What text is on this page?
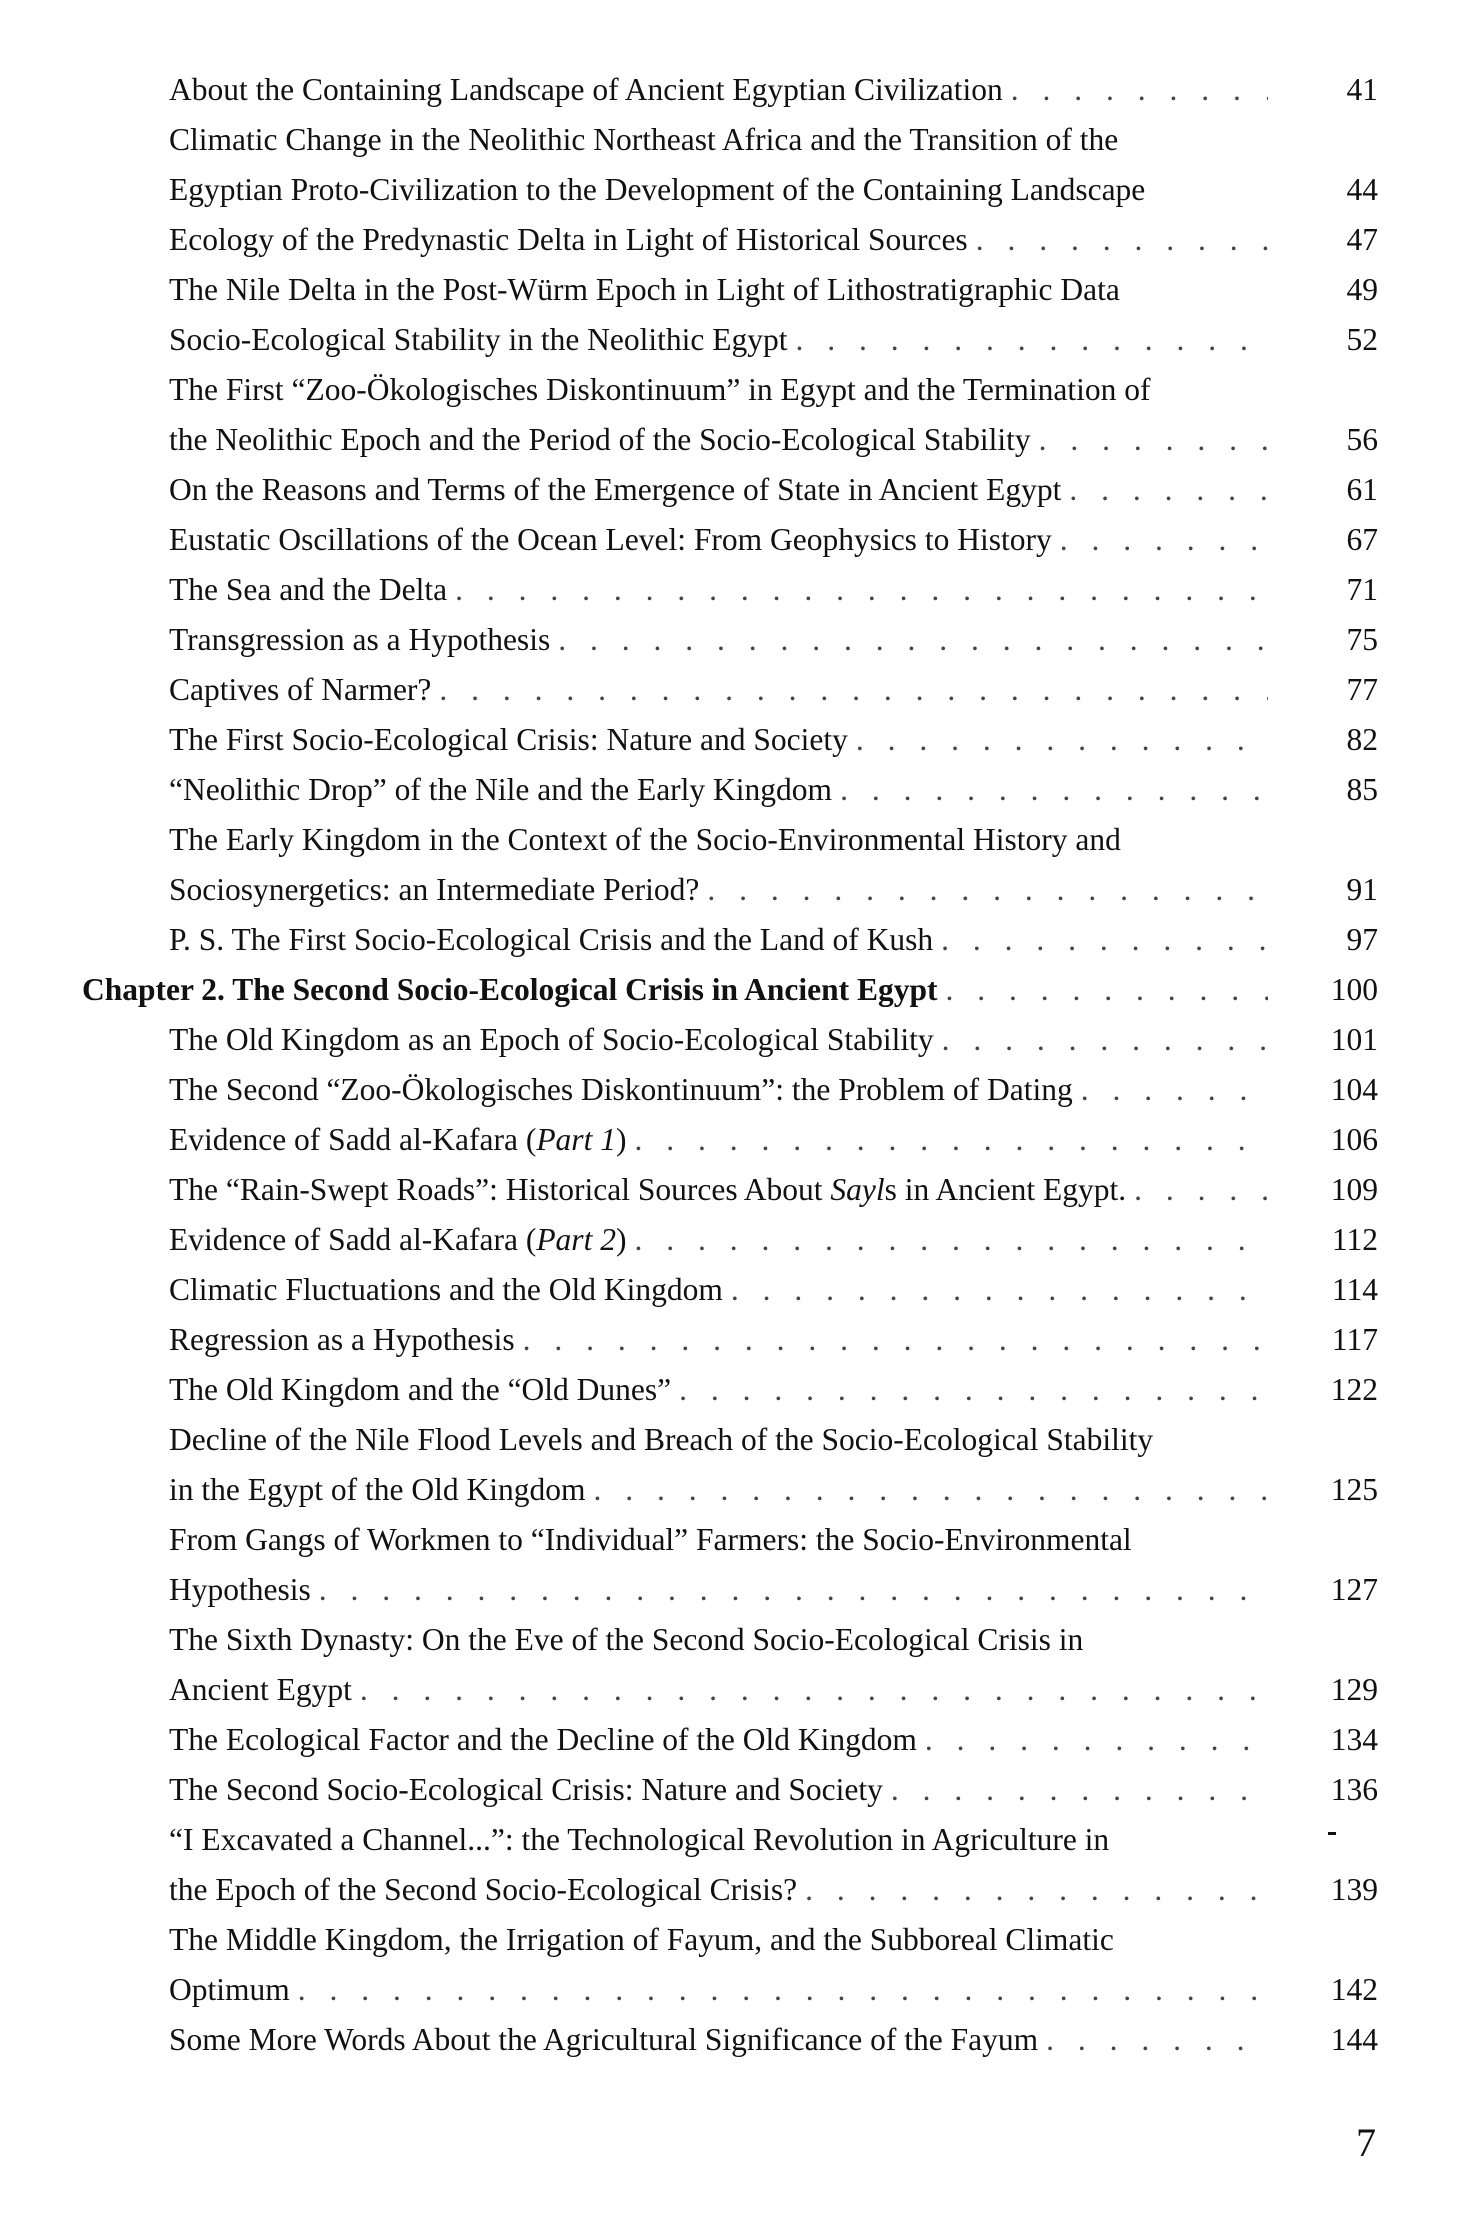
About the Containing Landscape of Ancient Egyptian Civilization . . .	41
Climatic Change in the Neolithic Northeast Africa and the Transition of the
Egyptian Proto-Civilization to the Development of the Containing Landscape	44
Ecology of the Predynastic Delta in Light of Historical Sources . . .	47
The Nile Delta in the Post-Würm Epoch in Light of Lithostratigraphic Data	49
Socio-Ecological Stability in the Neolithic Egypt . . .	52
The First “Zoo-Ökologisches Diskontinuum” in Egypt and the Termination of
the Neolithic Epoch and the Period of the Socio-Ecological Stability . . .	56
On the Reasons and Terms of the Emergence of State in Ancient Egypt . . .	61
Eustatic Oscillations of the Ocean Level: From Geophysics to History . . .	67
The Sea and the Delta . . .	71
Transgression as a Hypothesis . . .	75
Captives of Narmer? . . .	77
The First Socio-Ecological Crisis: Nature and Society . . .	82
“Neolithic Drop” of the Nile and the Early Kingdom . . .	85
The Early Kingdom in the Context of the Socio-Environmental History and
Sociosynergetics: an Intermediate Period? . . .	91
P. S. The First Socio-Ecological Crisis and the Land of Kush . . .	97
Chapter 2. The Second Socio-Ecological Crisis in Ancient Egypt . . .	100
The Old Kingdom as an Epoch of Socio-Ecological Stability . . .	101
The Second “Zoo-Ökologisches Diskontinuum”: the Problem of Dating . . .	104
Evidence of Sadd al-Kafara (Part 1) . . .	106
The “Rain-Swept Roads”: Historical Sources About Sayls in Ancient Egypt. . . .	109
Evidence of Sadd al-Kafara (Part 2) . . .	112
Climatic Fluctuations and the Old Kingdom . . .	114
Regression as a Hypothesis . . .	117
The Old Kingdom and the “Old Dunes” . . .	122
Decline of the Nile Flood Levels and Breach of the Socio-Ecological Stability
in the Egypt of the Old Kingdom . . .	125
From Gangs of Workmen to “Individual” Farmers: the Socio-Environmental
Hypothesis . . .	127
The Sixth Dynasty: On the Eve of the Second Socio-Ecological Crisis in
Ancient Egypt . . .	129
The Ecological Factor and the Decline of the Old Kingdom . . .	134
The Second Socio-Ecological Crisis: Nature and Society . . .	136
“I Excavated a Channel...”: the Technological Revolution in Agriculture in
the Epoch of the Second Socio-Ecological Crisis? . . .	139
The Middle Kingdom, the Irrigation of Fayum, and the Subboreal Climatic
Optimum . . .	142
Some More Words About the Agricultural Significance of the Fayum . . .	144
7
